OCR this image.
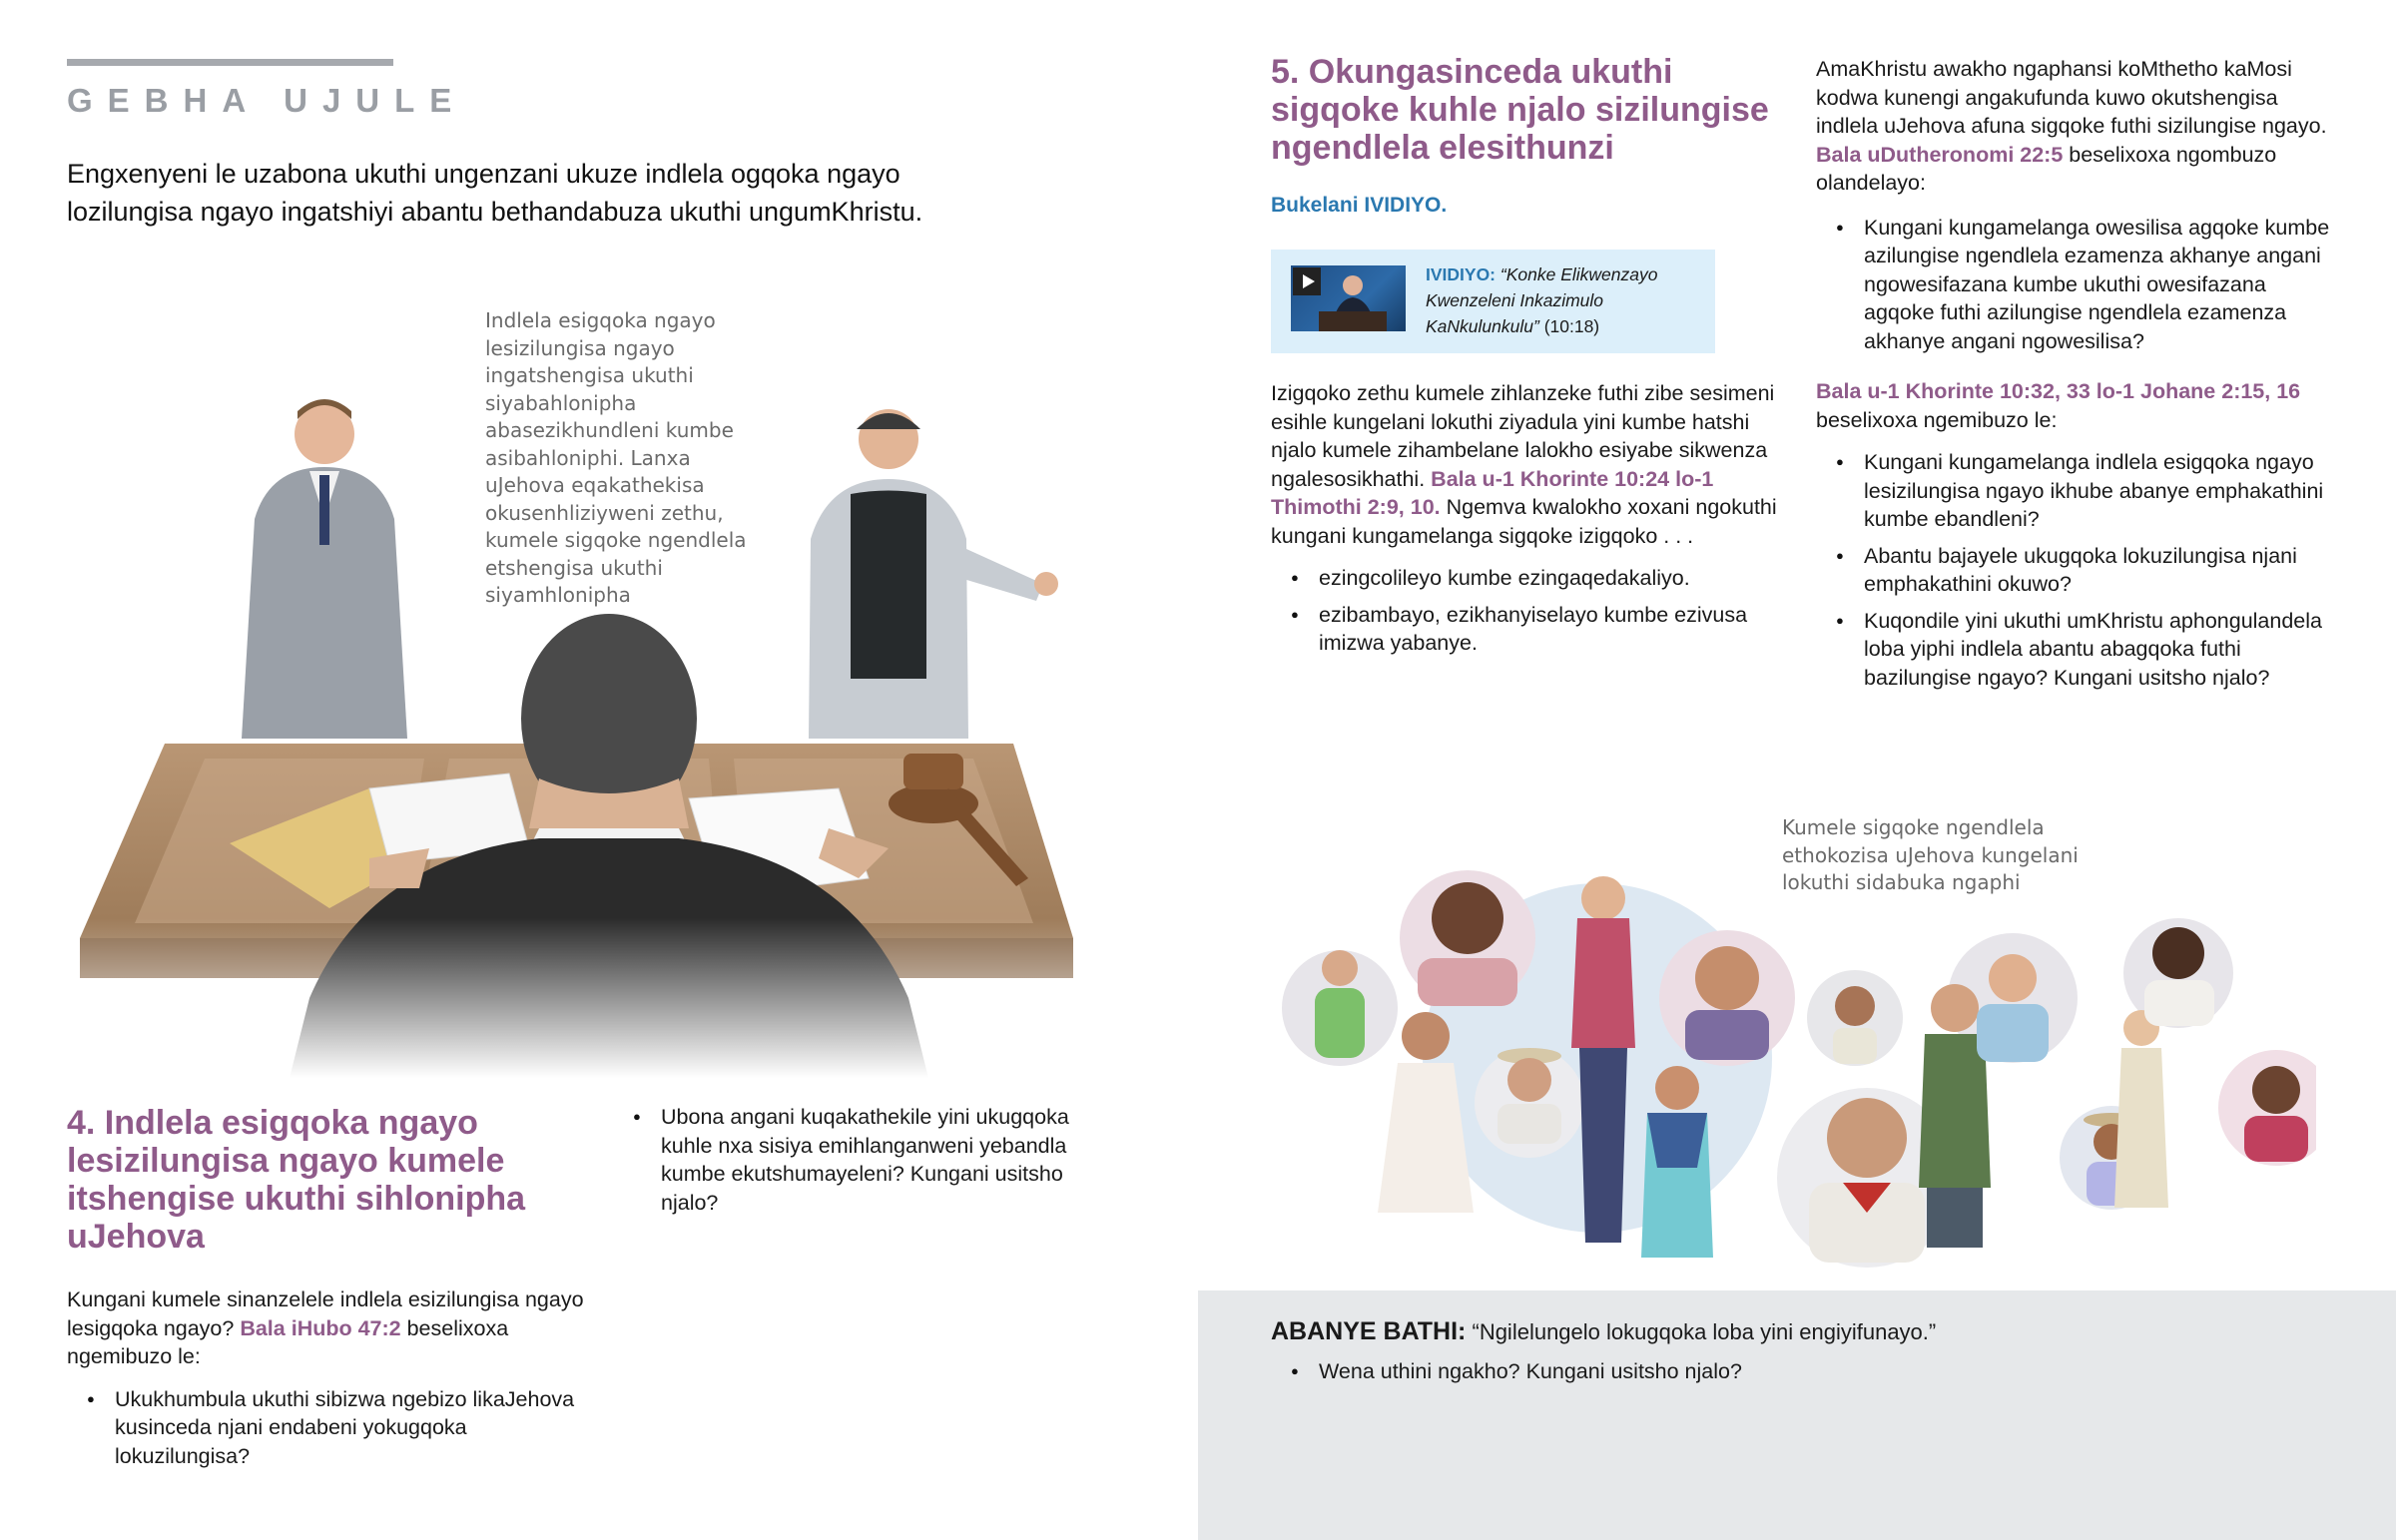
GEBHA UJULE
Engxenyeni le uzabona ukuthi ungenzani ukuze indlela ogqoka ngayo lozilungisa ngayo ingatshiyi abantu bethandabuza ukuthi ungumKhristu.
Indlela esigqoka ngayo lesizilungisa ngayo ingatshengisa ukuthi siyabahlonipha abasezikhundleni kumbe asibahloniphi. Lanxa uJehova eqakathekisa okusenhliziyweni zethu, kumele sigqoke ngendlela etshengisa ukuthi siyamhlonipha
4. Indlela esigqoka ngayo lesizilungisa ngayo kumele itshengise ukuthi sihlonipha uJehova

Kungani kumele sinanzelele indlela esizilungisa ngayo lesigqoka ngayo? Bala iHubo 47:2 beselixoxa ngemibuzo le:

● Ukukhumbula ukuthi sibizwa ngebizo likaJehova kusinceda njani endabeni yokugqoka lokuzilungisa?
● Ubona angani kuqakathekile yini ukugqoka kuhle nxa sisiya emihlanganweni yebandla kumbe ekutshumayeleni? Kungani usitsho njalo?
5. Okungasinceda ukuthi sigqoke kuhle njalo sizilungise ngendlela elesithunzi
Bukelani IVIDIYO.
IVIDIYO: “Konke Elikwenzayo Kwenzeleni Inkazimulo KaNkulunkulu” (10:18)

Izigqoko zethu kumele zihlanzeke futhi zibe sesimeni esihle kungelani lokuthi ziyadula yini kumbe hatshi njalo kumele zihambelane lalokho esiyabe sikwenza ngalesosikhathi. Bala u-1 Khorinte 10:24 lo-1 Thimothi 2:9, 10. Ngemva kwalokho xoxani ngokuthi kungani kungamelanga sigqoke izigqoko . . .

● ezingcolileyo kumbe ezingaqedakaliyo.
● ezibambayo, ezikhanyiselayo kumbe ezivusa imizwa yabanye.

AmaKhristu awakho ngaphansi koMthetho kaMosi kodwa kunengi angakufunda kuwo okutshengisa indlela uJehova afuna sigqoke futhi sizilungise ngayo. Bala uDutheronomi 22:5 beselixoxa ngombuzo olandelayo:

● Kungani kungamelanga owesilisa agqoke kumbe azilungise ngendlela ezamenza akhanye angani ngowesifazana kumbe ukuthi owesifazana agqoke futhi azilungise ngendlela ezamenza akhanye angani ngowesilisa?

Bala u-1 Khorinte 10:32, 33 lo-1 Johane 2:15, 16
beselixoxa ngemibuzo le:

● Kungani kungamelanga indlela esigqoka ngayo lesizilungisa ngayo ikhube abanye emphakathini kumbe ebandleni?
● Abantu bajayele ukugqoka lokuzilungisa njani emphakathini okuwo?
● Kuqondile yini ukuthi umKhristu aphongulandela loba yiphi indlela abantu abagqoka futhi bazilungise ngayo? Kungani usitsho njalo?
Kumele sigqoke ngendlela ethokozisa uJehova kungelani lokuthi sidabuka ngaphi

ABANYE BATHI: “Ngilelungelo lokugqoka loba yini engiyifunayo.”

● Wena uthini ngakho? Kungani usitsho njalo?
